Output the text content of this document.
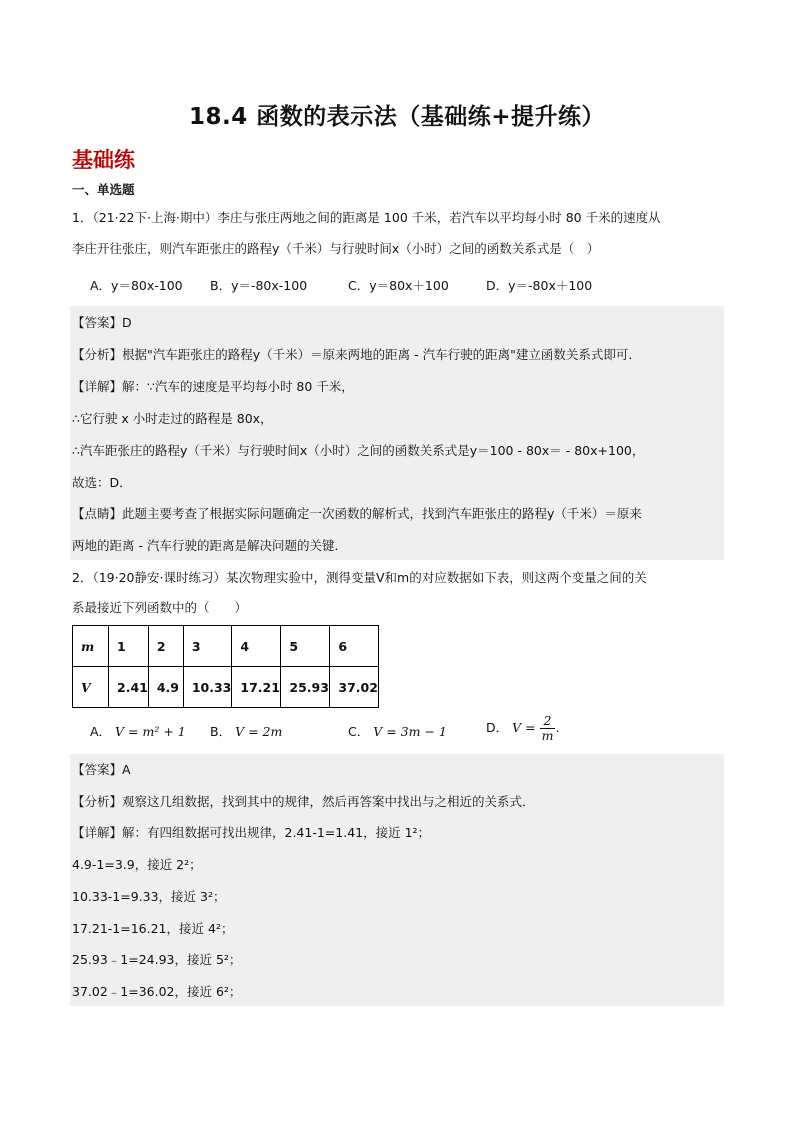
18.4 函数的表示法（基础练+提升练）
基础练
一、单选题
1．（21·22下·上海·期中）李庄与张庄两地之间的距离是 100 千米，若汽车以平均每小时 80 千米的速度从
李庄开往张庄，则汽车距张庄的路程y（千米）与行驶时间x（小时）之间的函数关系式是（　）
A．y＝80x-100 B．y＝-80x-100	C．y＝80x＋100	D．y＝-80x＋100
【答案】D
【分析】根据"汽车距张庄的路程y（千米）＝原来两地的距离 - 汽车行驶的距离"建立函数关系式即可．
【详解】解：∵汽车的速度是平均每小时 80 千米，
∴它行驶 x 小时走过的路程是 80x，
∴汽车距张庄的路程y（千米）与行驶时间x（小时）之间的函数关系式是y＝100 - 80x＝ - 80x+100，
故选：D．
【点睛】此题主要考查了根据实际问题确定一次函数的解析式，找到汽车距张庄的路程y（千米）＝原来
两地的距离 - 汽车行驶的距离是解决问题的关键．
2．（19·20静安·课时练习）某次物理实验中，测得变量V和m的对应数据如下表，则这两个变量之间的关
系最接近下列函数中的（　　）
m	1	2	3	4	5	6
V	2.41	4.9	10.33	17.21	25.93	37.02
A． V = m² + 1 B． V = 2m	C． V = 3m − 1	D． $V = \frac{2}{m}$ .
【答案】A
【分析】观察这几组数据，找到其中的规律，然后再答案中找出与之相近的关系式．
【详解】解：有四组数据可找出规律，2.41-1=1.41，接近 1²；
4.9-1=3.9，接近 2²；
10.33-1=9.33，接近 3²；
17.21-1=16.21，接近 4²；
25.93﹣1=24.93，接近 5²；
37.02﹣1=36.02，接近 6²；
